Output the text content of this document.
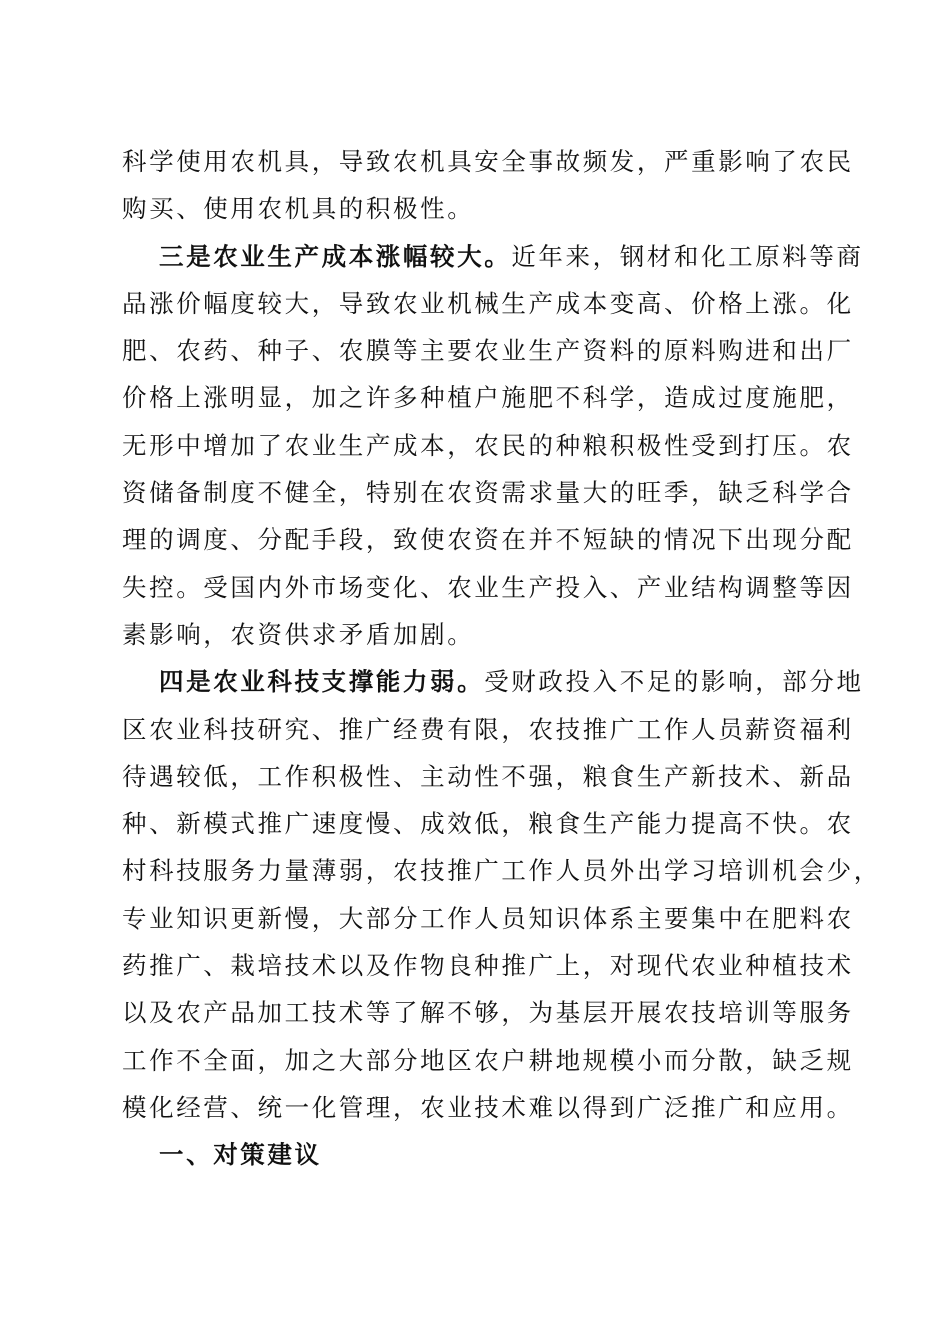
科学使用农机具，导致农机具安全事故频发，严重影响了农民
购买、使用农机具的积极性。
三是农业生产成本涨幅较大。近年来，钢材和化工原料等商
品涨价幅度较大，导致农业机械生产成本变高、价格上涨。化
肥、农药、种子、农膜等主要农业生产资料的原料购进和出厂
价格上涨明显，加之许多种植户施肥不科学，造成过度施肥，
无形中增加了农业生产成本，农民的种粮积极性受到打压。农
资储备制度不健全，特别在农资需求量大的旺季，缺乏科学合
理的调度、分配手段，致使农资在并不短缺的情况下出现分配
失控。受国内外市场变化、农业生产投入、产业结构调整等因
素影响，农资供求矛盾加剧。
四是农业科技支撑能力弱。受财政投入不足的影响，部分地
区农业科技研究、推广经费有限，农技推广工作人员薪资福利
待遇较低，工作积极性、主动性不强，粮食生产新技术、新品
种、新模式推广速度慢、成效低，粮食生产能力提高不快。农
村科技服务力量薄弱，农技推广工作人员外出学习培训机会少，
专业知识更新慢，大部分工作人员知识体系主要集中在肥料农
药推广、栽培技术以及作物良种推广上，对现代农业种植技术
以及农产品加工技术等了解不够，为基层开展农技培训等服务
工作不全面，加之大部分地区农户耕地规模小而分散，缺乏规
模化经营、统一化管理，农业技术难以得到广泛推广和应用。
一、对策建议
